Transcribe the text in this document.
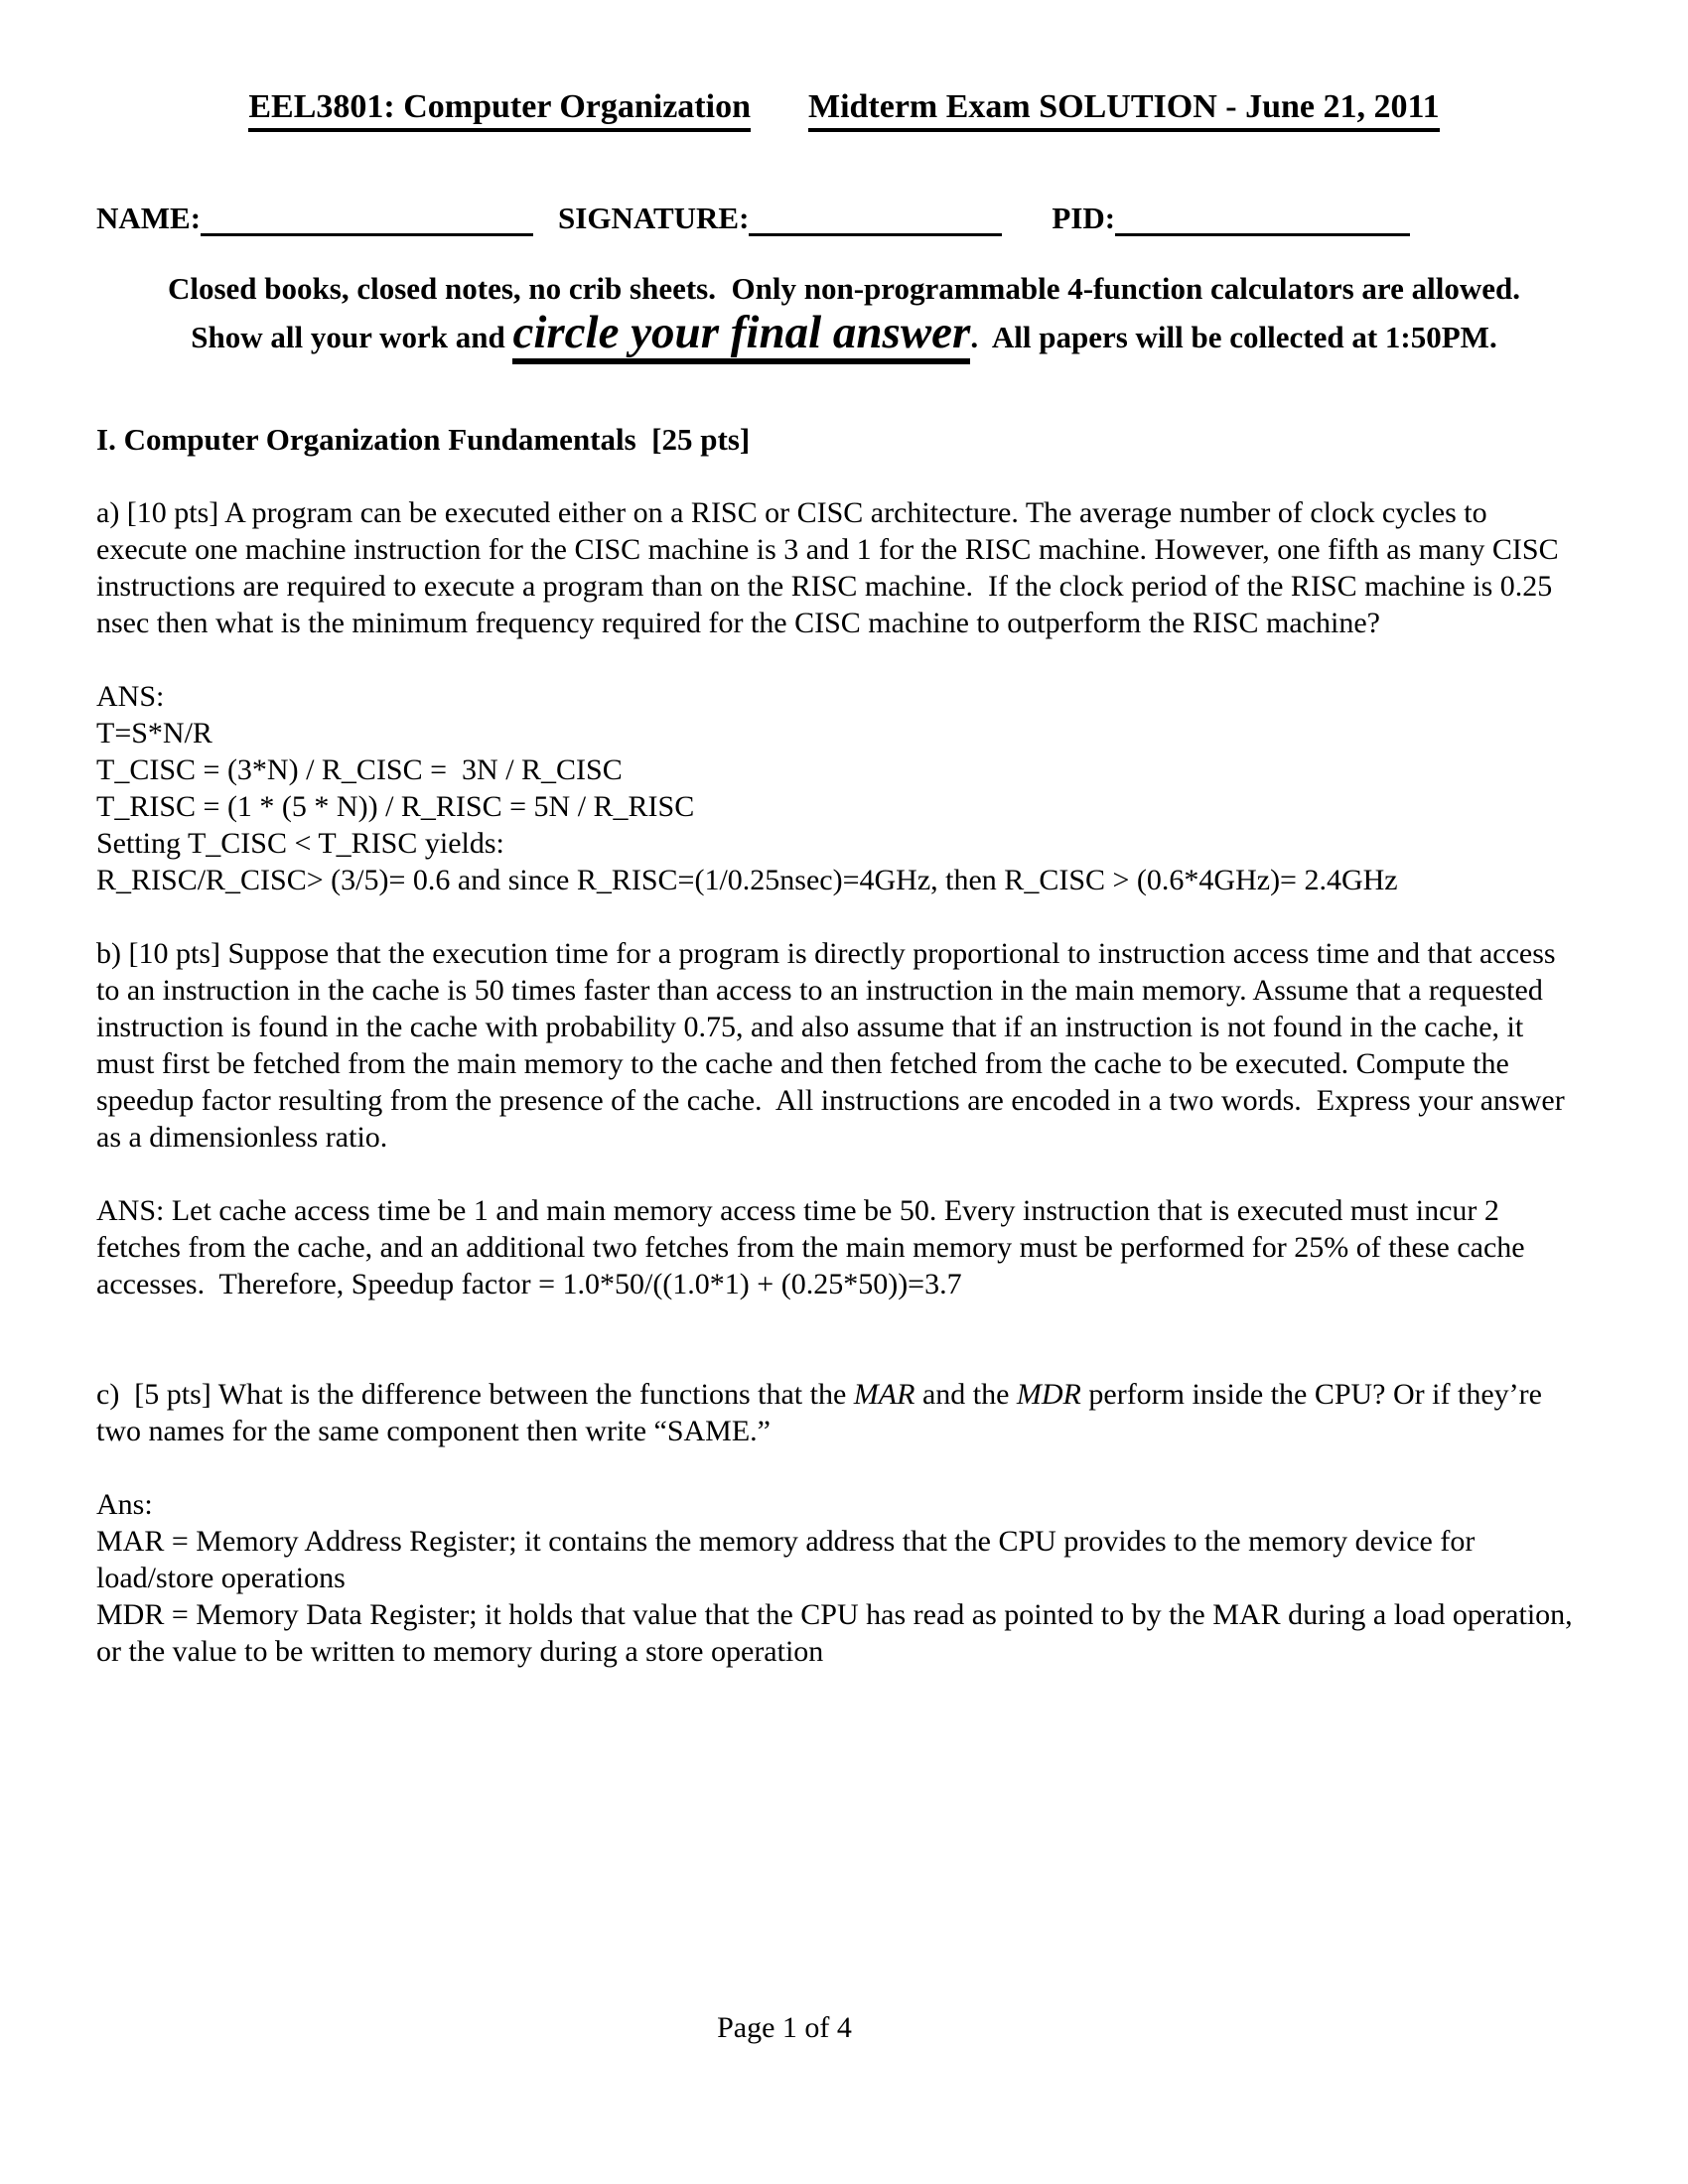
EEL3801: Computer Organization Midterm Exam SOLUTION - June 21, 2011
NAME:	SIGNATURE:	PID:
Closed books, closed notes, no crib sheets.  Only non-programmable 4-function calculators are allowed.
Show all your work and circle your final answer.  All papers will be collected at 1:50PM.
I. Computer Organization Fundamentals  [25 pts]
a) [10 pts] A program can be executed either on a RISC or CISC architecture. The average number of clock cycles to execute one machine instruction for the CISC machine is 3 and 1 for the RISC machine. However, one fifth as many CISC instructions are required to execute a program than on the RISC machine.  If the clock period of the RISC machine is 0.25 nsec then what is the minimum frequency required for the CISC machine to outperform the RISC machine?
ANS:
T=S*N/R
T_CISC = (3*N) / R_CISC =  3N / R_CISC
T_RISC = (1 * (5 * N)) / R_RISC = 5N / R_RISC
Setting T_CISC < T_RISC yields:
R_RISC/R_CISC> (3/5)= 0.6 and since R_RISC=(1/0.25nsec)=4GHz, then R_CISC > (0.6*4GHz)= 2.4GHz
b) [10 pts] Suppose that the execution time for a program is directly proportional to instruction access time and that access to an instruction in the cache is 50 times faster than access to an instruction in the main memory. Assume that a requested instruction is found in the cache with probability 0.75, and also assume that if an instruction is not found in the cache, it must first be fetched from the main memory to the cache and then fetched from the cache to be executed. Compute the speedup factor resulting from the presence of the cache.  All instructions are encoded in a two words.  Express your answer as a dimensionless ratio.
ANS: Let cache access time be 1 and main memory access time be 50. Every instruction that is executed must incur 2 fetches from the cache, and an additional two fetches from the main memory must be performed for 25% of these cache accesses.  Therefore, Speedup factor = 1.0*50/((1.0*1) + (0.25*50))=3.7
c)  [5 pts] What is the difference between the functions that the MAR and the MDR perform inside the CPU? Or if they’re two names for the same component then write “SAME.”
Ans:
MAR = Memory Address Register; it contains the memory address that the CPU provides to the memory device for load/store operations
MDR = Memory Data Register; it holds that value that the CPU has read as pointed to by the MAR during a load operation, or the value to be written to memory during a store operation
Page 1 of 4
